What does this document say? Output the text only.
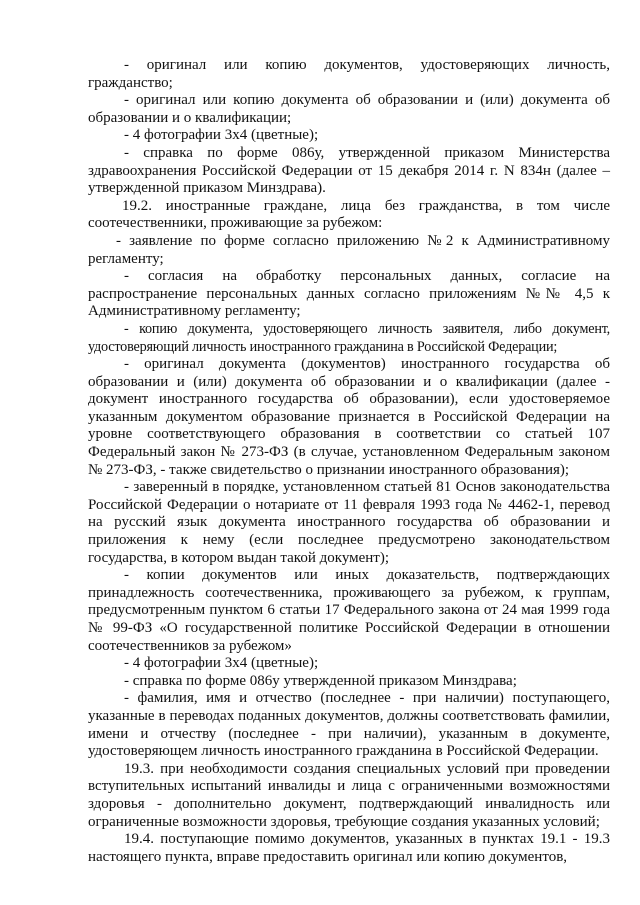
- оригинал или копию документов, удостоверяющих личность, гражданство;

- оригинал или копию документа об образовании и (или) документа об образовании и о квалификации;

- 4 фотографии 3х4 (цветные);

- справка по форме 086у, утвержденной приказом Министерства здравоохранения Российской Федерации от 15 декабря 2014 г. N 834н (далее – утвержденной приказом Минздрава).

19.2. иностранные граждане, лица без гражданства, в том числе соотечественники, проживающие за рубежом:

- заявление по форме согласно приложению №2 к Административному регламенту;

- согласия на обработку персональных данных, согласие на распространение персональных данных согласно приложениям №№ 4,5 к Административному регламенту;

- копию документа, удостоверяющего личность заявителя, либо документ, удостоверяющий личность иностранного гражданина в Российской Федерации;

- оригинал документа (документов) иностранного государства об образовании и (или) документа об образовании и о квалификации (далее - документ иностранного государства об образовании), если удостоверяемое указанным документом образование признается в Российской Федерации на уровне соответствующего образования в соответствии со статьей 107 Федеральный закон № 273-ФЗ (в случае, установленном Федеральным законом № 273-ФЗ, - также свидетельство о признании иностранного образования);

- заверенный в порядке, установленном статьей 81 Основ законодательства Российской Федерации о нотариате от 11 февраля 1993 года № 4462-1, перевод на русский язык документа иностранного государства об образовании и приложения к нему (если последнее предусмотрено законодательством государства, в котором выдан такой документ);

- копии документов или иных доказательств, подтверждающих принадлежность соотечественника, проживающего за рубежом, к группам, предусмотренным пунктом 6 статьи 17 Федерального закона от 24 мая 1999 года № 99-ФЗ «О государственной политике Российской Федерации в отношении соотечественников за рубежом»

- 4 фотографии 3х4 (цветные);

- справка по форме 086у утвержденной приказом Минздрава;

- фамилия, имя и отчество (последнее - при наличии) поступающего, указанные в переводах поданных документов, должны соответствовать фамилии, имени и отчеству (последнее - при наличии), указанным в документе, удостоверяющем личность иностранного гражданина в Российской Федерации.

19.3. при необходимости создания специальных условий при проведении вступительных испытаний инвалиды и лица с ограниченными возможностями здоровья - дополнительно документ, подтверждающий инвалидность или ограниченные возможности здоровья, требующие создания указанных условий;

19.4. поступающие помимо документов, указанных в пунктах 19.1 - 19.3 настоящего пункта, вправе предоставить оригинал или копию документов,
